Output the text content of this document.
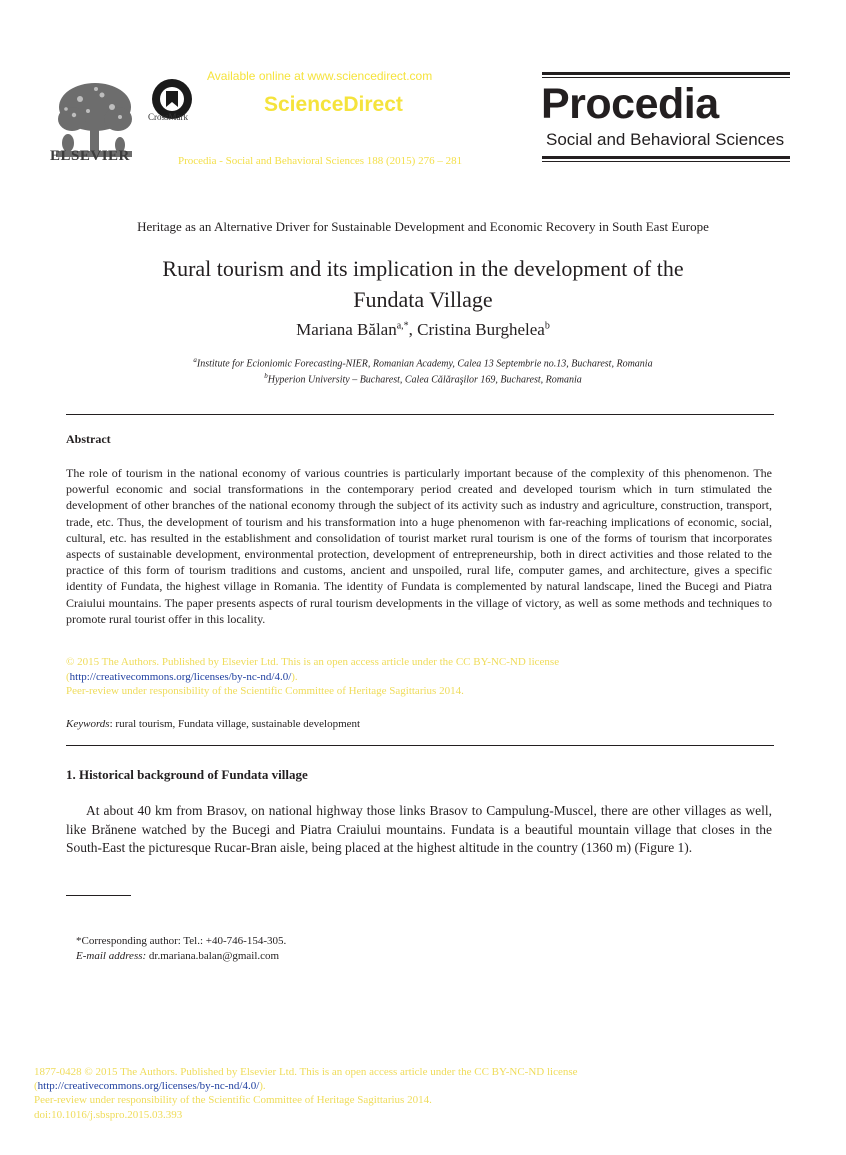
ELSEVIER
CrossMark
Available online at www.sciencedirect.com
ScienceDirect
Procedia - Social and Behavioral Sciences 188 (2015) 276 – 281
Procedia
Social and Behavioral Sciences
Heritage as an Alternative Driver for Sustainable Development and Economic Recovery in South East Europe
Rural tourism and its implication in the development of the
Fundata Village
Mariana Bălan$^{a,*}$, Cristina Burghelea$^b$
$^a$Institute for Ecioniomic Forecasting-NIER, Romanian Academy, Calea 13 Septembrie no.13, Bucharest, Romania
$^b$Hyperion University – Bucharest, Calea Călăraşilor 169, Bucharest, Romania
Abstract
The role of tourism in the national economy of various countries is particularly important because of the complexity of this phenomenon. The powerful economic and social transformations in the contemporary period created and developed tourism which in turn stimulated the development of other branches of the national economy through the subject of its activity such as industry and agriculture, construction, transport, trade, etc. Thus, the development of tourism and his transformation into a huge phenomenon with far-reaching implications of economic, social, cultural, etc. has resulted in the establishment and consolidation of tourist market rural tourism is one of the forms of tourism that incorporates aspects of sustainable development, environmental protection, development of entrepreneurship, both in direct activities and those related to the practice of this form of tourism traditions and customs, ancient and unspoiled, rural life, computer games, and architecture, gives a specific identity of Fundata, the highest village in Romania. The identity of Fundata is complemented by natural landscape, lined the Bucegi and Piatra Craiului mountains. The paper presents aspects of rural tourism developments in the village of victory, as well as some methods and techniques to promote rural tourist offer in this locality.
© 2015 The Authors. Published by Elsevier Ltd. This is an open access article under the CC BY-NC-ND license
(http://creativecommons.org/licenses/by-nc-nd/4.0/).
Peer-review under responsibility of the Scientific Committee of Heritage Sagittarius 2014.
Keywords: rural tourism, Fundata village, sustainable development
1. Historical background of Fundata village
At about 40 km from Brasov, on national highway those links Brasov to Campulung-Muscel, there are other villages as well, like Brănene watched by the Bucegi and Piatra Craiului mountains. Fundata is a beautiful mountain village that closes in the South-East the picturesque Rucar-Bran aisle, being placed at the highest altitude in the country (1360 m) (Figure 1).
*Corresponding author: Tel.: +40-746-154-305.
E-mail address: dr.mariana.balan@gmail.com
1877-0428 © 2015 The Authors. Published by Elsevier Ltd. This is an open access article under the CC BY-NC-ND license
(http://creativecommons.org/licenses/by-nc-nd/4.0/).
Peer-review under responsibility of the Scientific Committee of Heritage Sagittarius 2014.
doi:10.1016/j.sbspro.2015.03.393
